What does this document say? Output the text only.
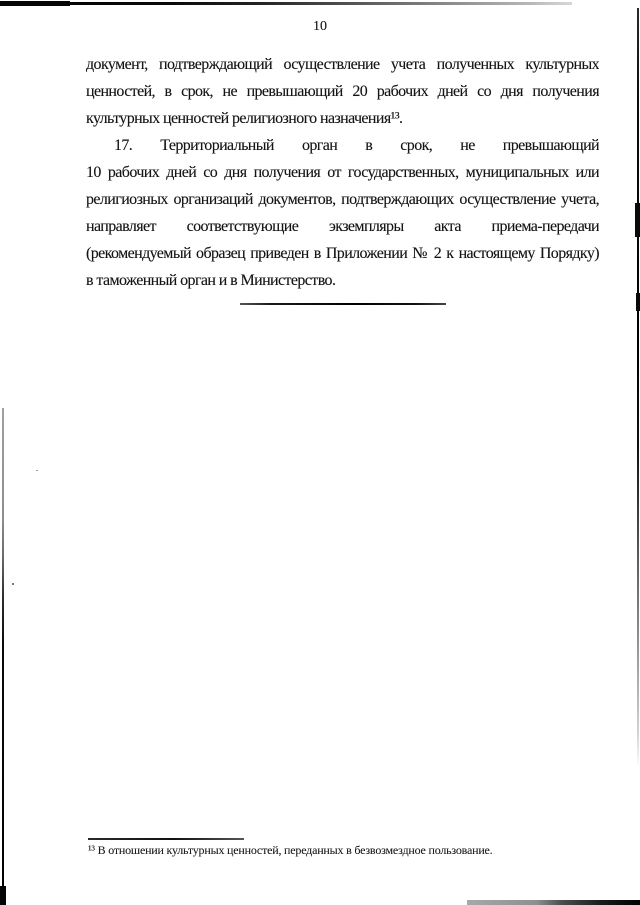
10
документ, подтверждающий осуществление учета полученных культурных
ценностей, в срок, не превышающий 20 рабочих дней со дня получения
культурных ценностей религиозного назначения¹³.
17. Территориальный орган в срок, не превышающий
10 рабочих дней со дня получения от государственных, муниципальных или
религиозных организаций документов, подтверждающих осуществление учета,
направляет соответствующие экземпляры акта приема-передачи
(рекомендуемый образец приведен в Приложении № 2 к настоящему Порядку)
в таможенный орган и в Министерство.
¹³ В отношении культурных ценностей, переданных в безвозмездное пользование.
